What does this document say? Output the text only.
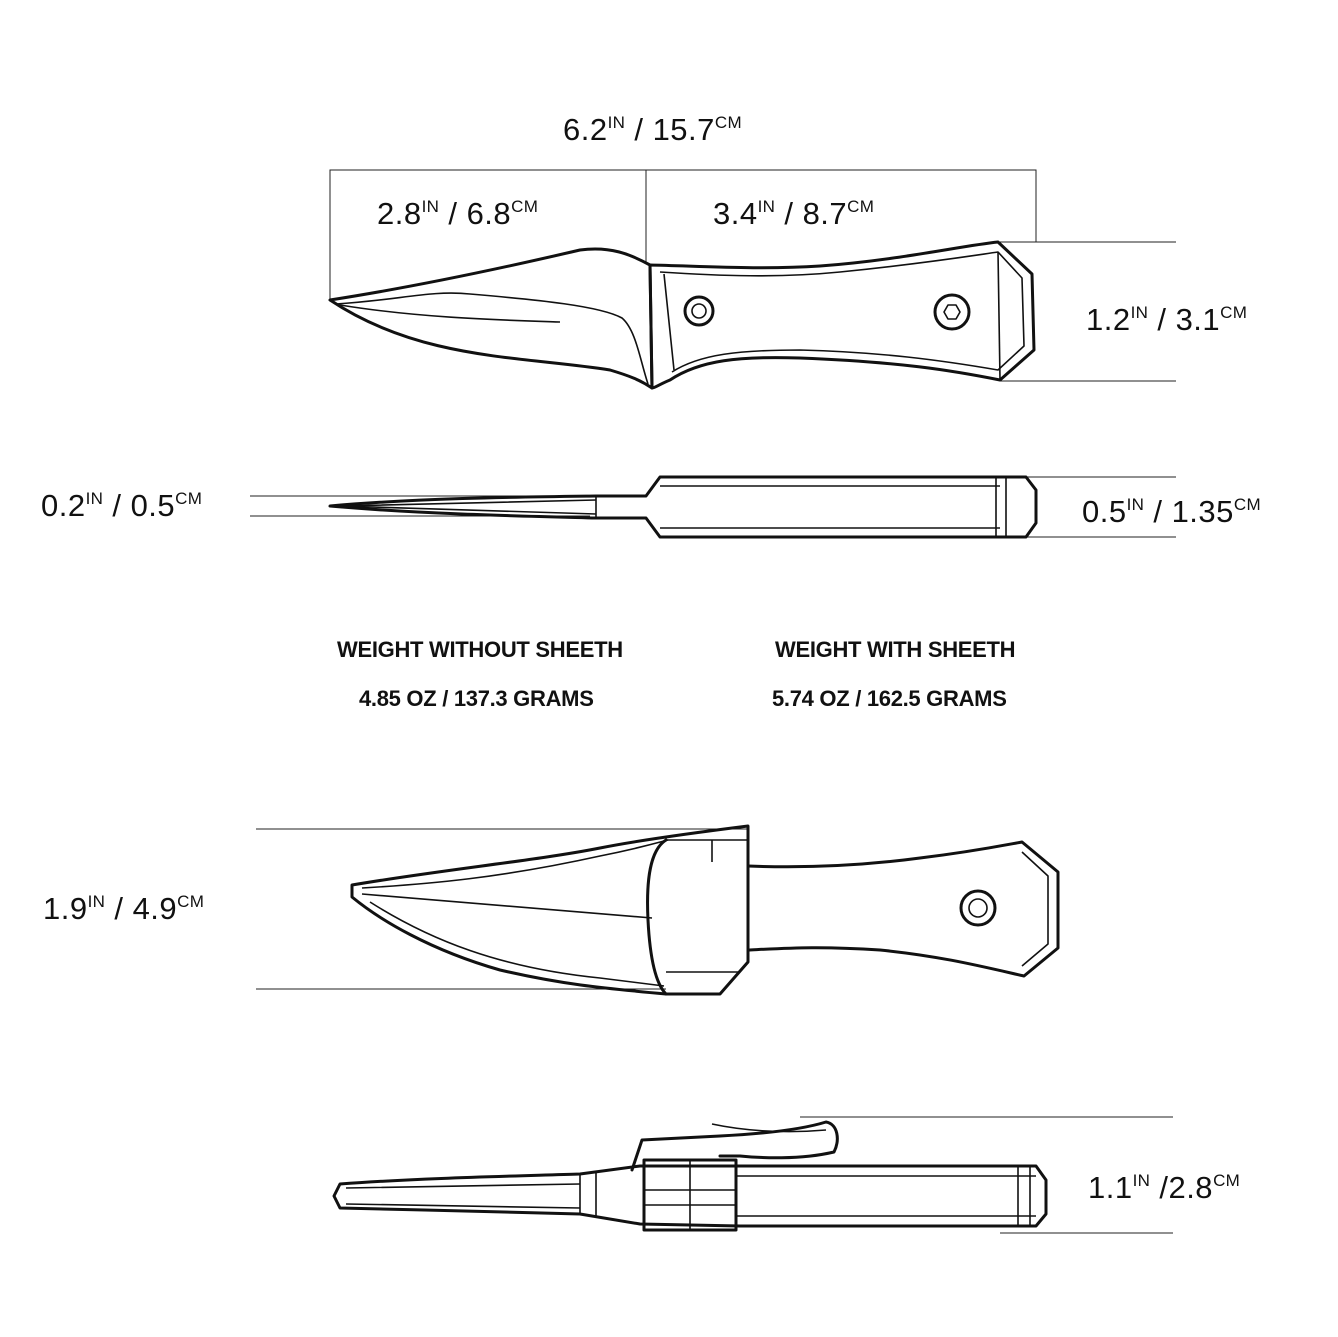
$6.2^{IN} / 15.7^{CM}$
$2.8^{IN} / 6.8^{CM}$	$3.4^{IN} / 8.7^{CM}$
$1.2^{IN} / 3.1^{CM}$
$0.2^{IN} / 0.5^{CM}$	$0.5^{IN} / 1.35^{CM}$
$1.9^{IN} / 4.9^{CM}$
$1.1^{IN}$ $/2.8^{CM}$
WEIGHT WITHOUT SHEETH
4.85 OZ / 137.3 GRAMS
WEIGHT WITH SHEETH
5.74 OZ / 162.5 GRAMS
